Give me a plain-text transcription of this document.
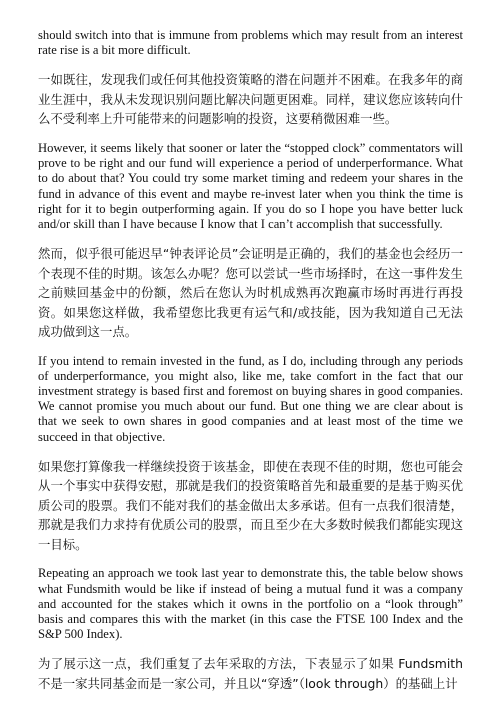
should switch into that is immune from problems which may result from an interest rate rise is a bit more difficult.

一如既往，发现我们或任何其他投资策略的潜在问题并不困难。在我多年的商业生涯中，我从未发现识别问题比解决问题更困难。同样，建议您应该转向什么不受利率上升可能带来的问题影响的投资，这要稍微困难一些。

However, it seems likely that sooner or later the “stopped clock” commentators will prove to be right and our fund will experience a period of underperformance. What to do about that? You could try some market timing and redeem your shares in the fund in advance of this event and maybe re-invest later when you think the time is right for it to begin outperforming again. If you do so I hope you have better luck and/or skill than I have because I know that I can’t accomplish that successfully.

然而，似乎很可能迟早“钟表评论员”会证明是正确的，我们的基金也会经历一个表现不佳的时期。该怎么办呢？您可以尝试一些市场择时，在这一事件发生之前赎回基金中的份额，然后在您认为时机成熟再次跑赢市场时再进行再投资。如果您这样做，我希望您比我更有运气和/或技能，因为我知道自己无法成功做到这一点。

If you intend to remain invested in the fund, as I do, including through any periods of underperformance, you might also, like me, take comfort in the fact that our investment strategy is based first and foremost on buying shares in good companies. We cannot promise you much about our fund. But one thing we are clear about is that we seek to own shares in good companies and at least most of the time we succeed in that objective.

如果您打算像我一样继续投资于该基金，即使在表现不佳的时期，您也可能会从一个事实中获得安慰，那就是我们的投资策略首先和最重要的是基于购买优质公司的股票。我们不能对我们的基金做出太多承诺。但有一点我们很清楚，那就是我们力求持有优质公司的股票，而且至少在大多数时候我们都能实现这一目标。

Repeating an approach we took last year to demonstrate this, the table below shows what Fundsmith would be like if instead of being a mutual fund it was a company and accounted for the stakes which it owns in the portfolio on a “look through” basis and compares this with the market (in this case the FTSE 100 Index and the S&P 500 Index).

为了展示这一点，我们重复了去年采取的方法，下表显示了如果 Fundsmith 不是一家共同基金而是一家公司，并且以“穿透”（look through）的基础上计
